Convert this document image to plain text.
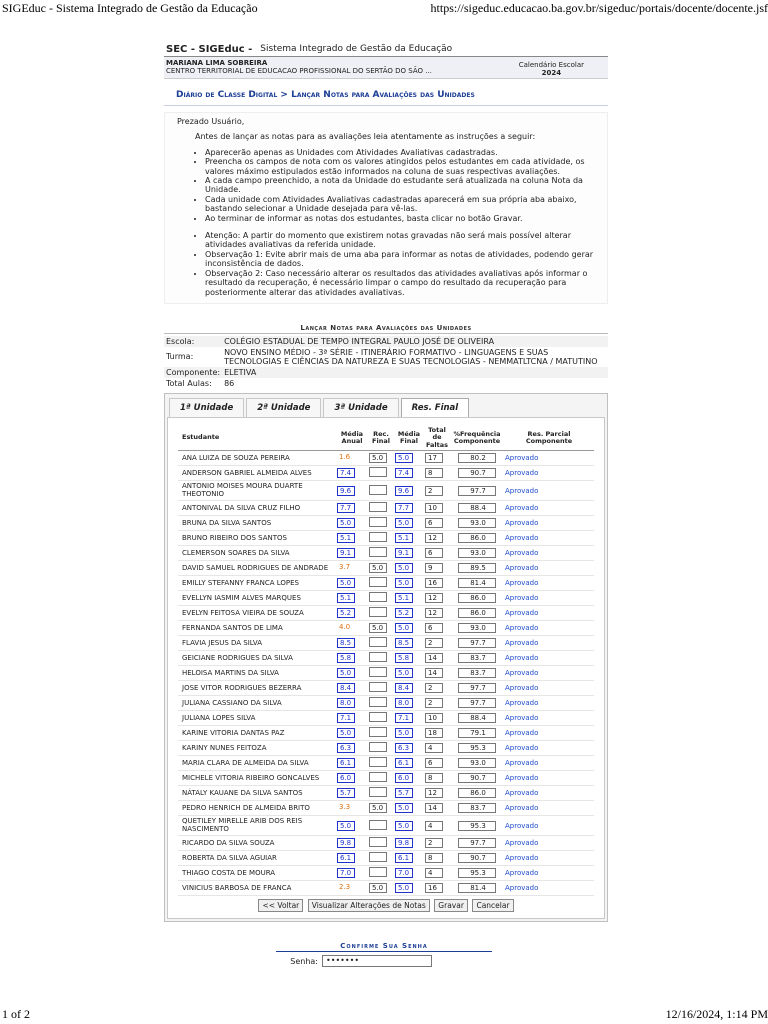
SIGEduc - Sistema Integrado de Gestão da Educação	https://sigeduc.educacao.ba.gov.br/sigeduc/portais/docente/docente.jsf
SEC - SIGEduc - Sistema Integrado de Gestão da Educação
MARIANA LIMA SOBREIRA
CENTRO TERRITORIAL DE EDUCACAO PROFISSIONAL DO SERTÃO DO SÃO ...
Calendário Escolar
2024
Diário de Classe Digital > Lançar Notas para Avaliações das Unidades

Prezado Usuário,

Antes de lançar as notas para as avaliações leia atentamente as instruções a seguir:

• Aparecerão apenas as Unidades com Atividades Avaliativas cadastradas.
• Preencha os campos de nota com os valores atingidos pelos estudantes em cada atividade, os valores máximo estipulados estão informados na coluna de suas respectivas avaliações.
• A cada campo preenchido, a nota da Unidade do estudante será atualizada na coluna Nota da Unidade.
• Cada unidade com Atividades Avaliativas cadastradas aparecerá em sua própria aba abaixo, bastando selecionar a Unidade desejada para vê-las.
• Ao terminar de informar as notas dos estudantes, basta clicar no botão Gravar.
• Atenção: A partir do momento que existirem notas gravadas não será mais possível alterar atividades avaliativas da referida unidade.
• Observação 1: Evite abrir mais de uma aba para informar as notas de atividades, podendo gerar inconsistência de dados.
• Observação 2: Caso necessário alterar os resultados das atividades avaliativas após informar o resultado da recuperação, é necessário limpar o campo do resultado da recuperação para posteriormente alterar das atividades avaliativas.
Lançar Notas para Avaliações das Unidades
Escola:	COLÉGIO ESTADUAL DE TEMPO INTEGRAL PAULO JOSÉ DE OLIVEIRA
Turma:	NOVO ENSINO MÉDIO - 3ª SÉRIE - ITINERÁRIO FORMATIVO - LINGUAGENS E SUAS TECNOLOGIAS E CIÊNCIAS DA NATUREZA E SUAS TECNOLOGIAS - NEMMATLTCNA / MATUTINO
Componente:	ELETIVA
Total Aulas:	86
1ª Unidade	2ª Unidade	3ª Unidade	Res. Final
Estudante	Média Anual	Rec. Final	Média Final	Total de Faltas	%Frequência Componente	Res. Parcial Componente
ANA LUIZA DE SOUZA PEREIRA	1.6	5.0	5.0	17	80.2	Aprovado
ANDERSON GABRIEL ALMEIDA ALVES	7.4		7.4	8	90.7	Aprovado
ANTONIO MOISES MOURA DUARTE THEOTONIO	9.6		9.6	2	97.7	Aprovado
ANTONIVAL DA SILVA CRUZ FILHO	7.7		7.7	10	88.4	Aprovado
BRUNA DA SILVA SANTOS	5.0		5.0	6	93.0	Aprovado
BRUNO RIBEIRO DOS SANTOS	5.1		5.1	12	86.0	Aprovado
CLEMERSON SOARES DA SILVA	9.1		9.1	6	93.0	Aprovado
DAVID SAMUEL RODRIGUES DE ANDRADE	3.7	5.0	5.0	9	89.5	Aprovado
EMILLY STEFANNY FRANCA LOPES	5.0		5.0	16	81.4	Aprovado
EVELLYN IASMIM ALVES MARQUES	5.1		5.1	12	86.0	Aprovado
EVELYN FEITOSA VIEIRA DE SOUZA	5.2		5.2	12	86.0	Aprovado
FERNANDA SANTOS DE LIMA	4.0	5.0	5.0	6	93.0	Aprovado
FLAVIA JESUS DA SILVA	8.5		8.5	2	97.7	Aprovado
GEICIANE RODRIGUES DA SILVA	5.8		5.8	14	83.7	Aprovado
HELOISA MARTINS DA SILVA	5.0		5.0	14	83.7	Aprovado
JOSE VITOR RODRIGUES BEZERRA	8.4		8.4	2	97.7	Aprovado
JULIANA CASSIANO DA SILVA	8.0		8.0	2	97.7	Aprovado
JULIANA LOPES SILVA	7.1		7.1	10	88.4	Aprovado
KARINE VITORIA DANTAS PAZ	5.0		5.0	18	79.1	Aprovado
KARINY NUNES FEITOZA	6.3		6.3	4	95.3	Aprovado
MARIA CLARA DE ALMEIDA DA SILVA	6.1		6.1	6	93.0	Aprovado
MICHELE VITORIA RIBEIRO GONCALVES	6.0		6.0	8	90.7	Aprovado
NÁTALY KAUANE DA SILVA SANTOS	5.7		5.7	12	86.0	Aprovado
PEDRO HENRICH DE ALMEIDA BRITO	3.3	5.0	5.0	14	83.7	Aprovado
QUETILEY MIRELLE ARIB DOS REIS NASCIMENTO	5.0		5.0	4	95.3	Aprovado
RICARDO DA SILVA SOUZA	9.8		9.8	2	97.7	Aprovado
ROBERTA DA SILVA AGUIAR	6.1		6.1	8	90.7	Aprovado
THIAGO COSTA DE MOURA	7.0		7.0	4	95.3	Aprovado
VINICIUS BARBOSA DE FRANCA	2.3	5.0	5.0	16	81.4	Aprovado
<< Voltar Visualizar Alterações de Notas Gravar Cancelar
Confirme Sua Senha
Senha:	•••••••
1 of 2	12/16/2024, 1:14 PM
